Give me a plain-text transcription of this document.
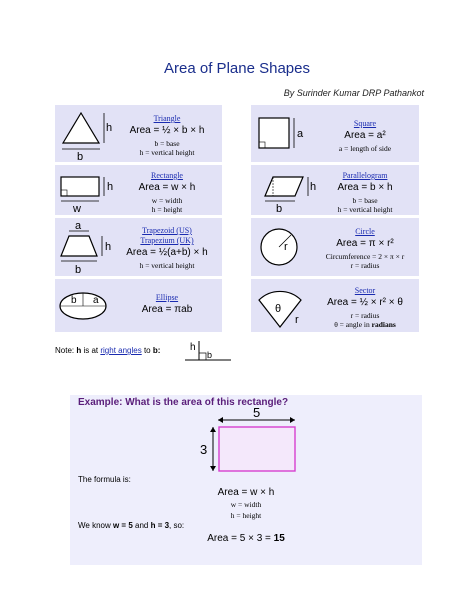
Area of Plane Shapes
By Surinder Kumar DRP Pathankot
h
b
Triangle
Area = ½ × b × h
b = base
h = vertical height
a
Square
Area = a²
a = length of side
h
w
Rectangle
Area = w × h
w = width
h = height
h
b
Parallelogram
Area = b × h
b = base
h = vertical height
a
h
b
Trapezoid (US)
Trapezium (UK)
Area = ½(a+b) × h
h = vertical height
r
Circle
Area = π × r²
Circumference = 2 × π × r
r = radius
b a	Ellipse
Area = πab	θ
r
Sector
Area = ½ × r² × θ
r = radius
θ = angle in radians
Note: h is at right angles to b:	h
b
Example: What is the area of this rectangle?
5
3
The formula is:
Area = w × h
w = width
h = height
We know w = 5 and h = 3, so:
Area = 5 × 3 = 15
